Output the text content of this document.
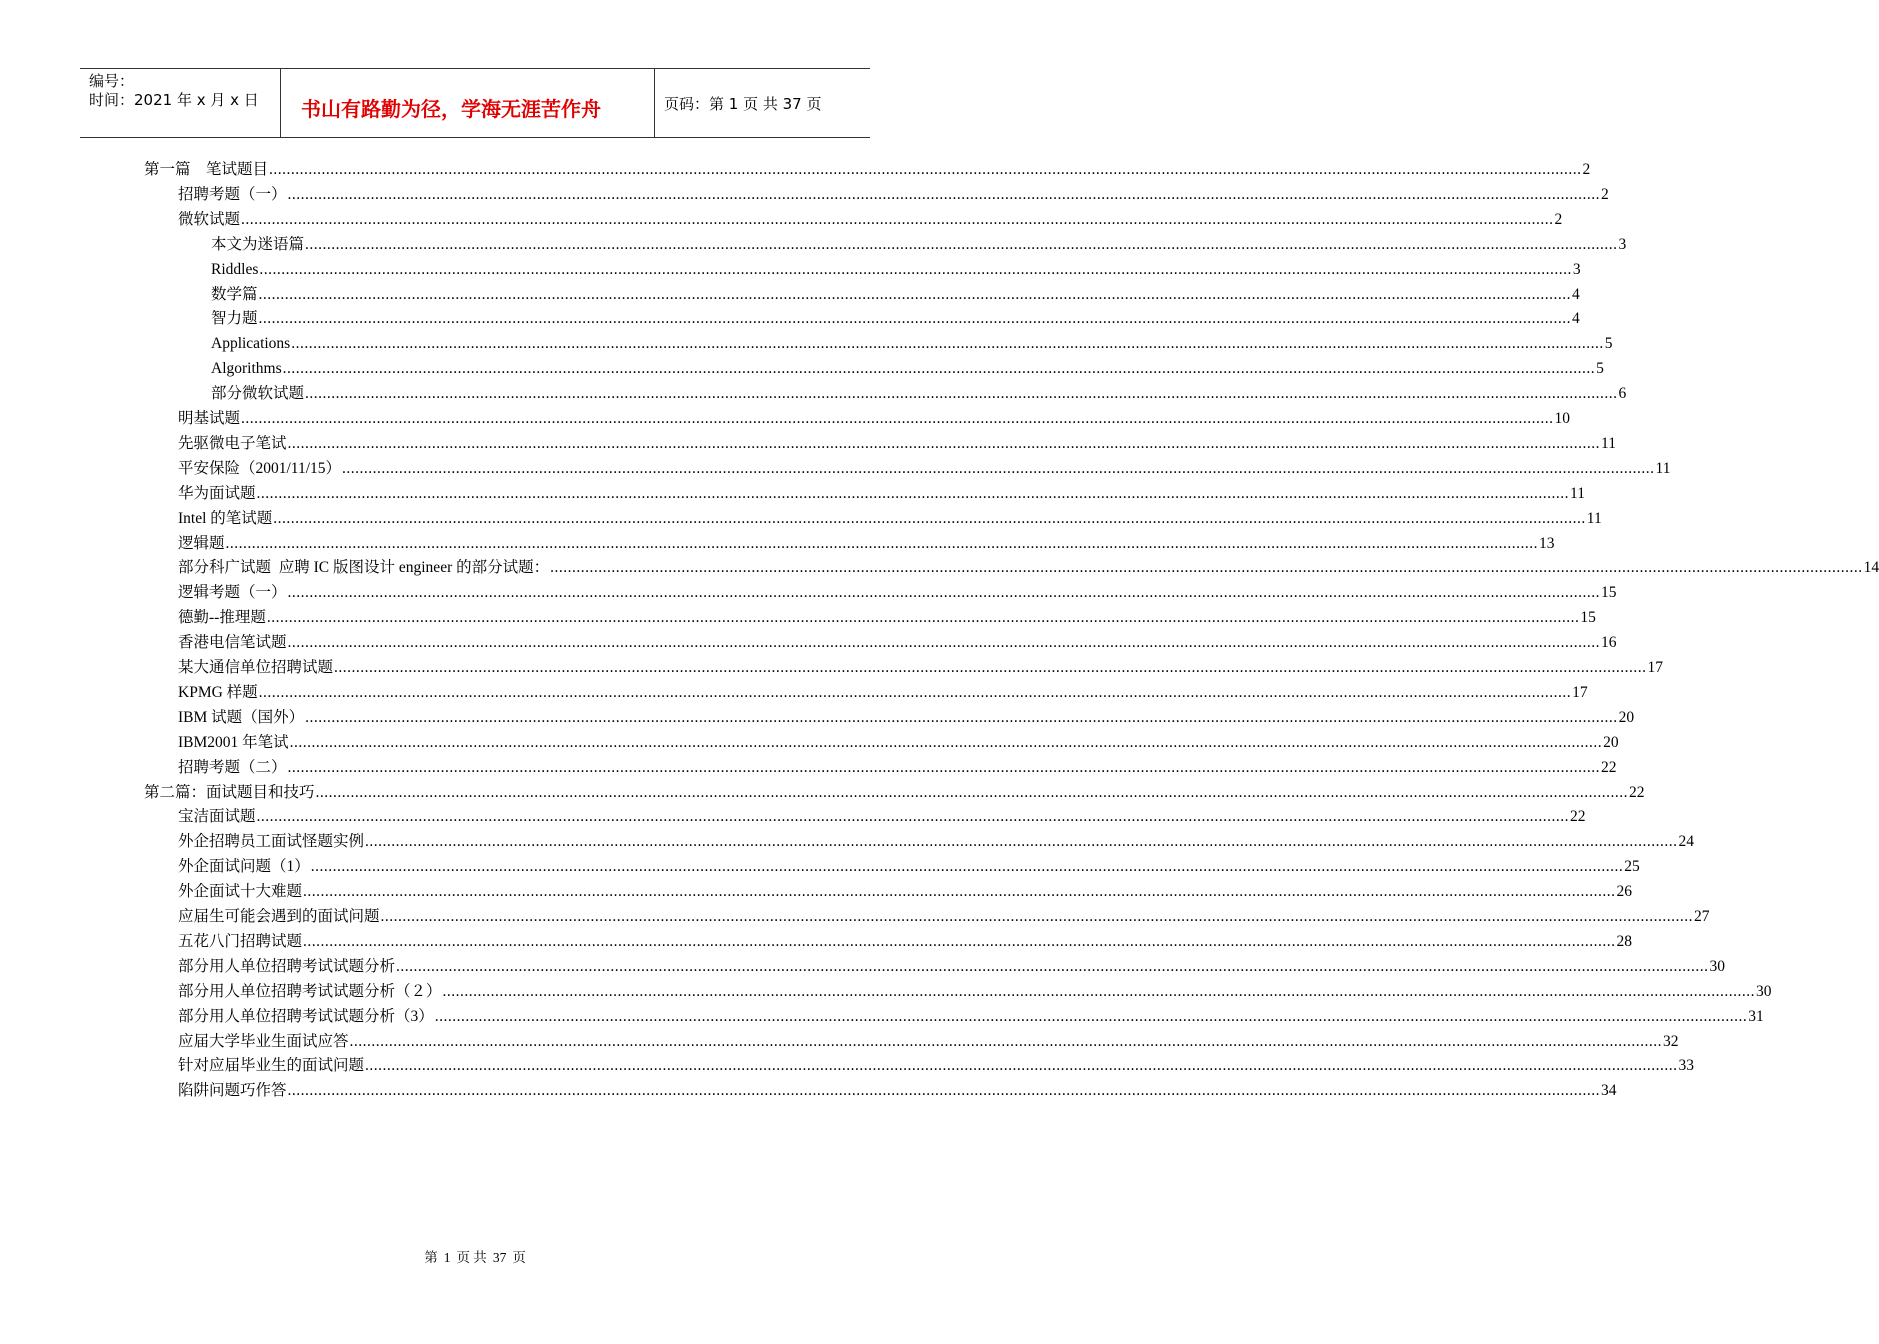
编号：
时间：2021 年 x 月 x 日 书山有路勤为径，学海无涯苦作舟	页码：第 1 页 共 37 页
第一篇    笔试题目 ............................................................................................................................................................................................................................................................................................................ 2
招聘考题（一） ............................................................................................................................................................................................................................................................................................................ 2
微软试题 ............................................................................................................................................................................................................................................................................................................ 2
本文为迷语篇 ............................................................................................................................................................................................................................................................................................................ 3
Riddles ............................................................................................................................................................................................................................................................................................................ 3
数学篇 ............................................................................................................................................................................................................................................................................................................ 4
智力题 ............................................................................................................................................................................................................................................................................................................ 4
Applications ............................................................................................................................................................................................................................................................................................................ 5
Algorithms ............................................................................................................................................................................................................................................................................................................ 5
部分微软试题 ............................................................................................................................................................................................................................................................................................................ 6
明基试题 ............................................................................................................................................................................................................................................................................................................ 10
先驱微电子笔试 ............................................................................................................................................................................................................................................................................................................ 11
平安保险（2001/11/15） ............................................................................................................................................................................................................................................................................................................ 11
华为面试题 ............................................................................................................................................................................................................................................................................................................ 11
Intel 的笔试题 ............................................................................................................................................................................................................................................................................................................ 11
逻辑题 ............................................................................................................................................................................................................................................................................................................ 13
部分科广试题  应聘 IC 版图设计 engineer 的部分试题： ............................................................................................................................................................................................................................................................................................................ 14
逻辑考题（一） ............................................................................................................................................................................................................................................................................................................ 15
德勤--推理题 ............................................................................................................................................................................................................................................................................................................ 15
香港电信笔试题 ............................................................................................................................................................................................................................................................................................................ 16
某大通信单位招聘试题 ............................................................................................................................................................................................................................................................................................................ 17
KPMG 样题 ............................................................................................................................................................................................................................................................................................................ 17
IBM 试题（国外） ............................................................................................................................................................................................................................................................................................................ 20
IBM2001 年笔试 ............................................................................................................................................................................................................................................................................................................ 20
招聘考题（二） ............................................................................................................................................................................................................................................................................................................ 22
第二篇：面试题目和技巧 ............................................................................................................................................................................................................................................................................................................ 22
宝洁面试题 ............................................................................................................................................................................................................................................................................................................ 22
外企招聘员工面试怪题实例 ............................................................................................................................................................................................................................................................................................................ 24
外企面试问题（1） ............................................................................................................................................................................................................................................................................................................ 25
外企面试十大难题 ............................................................................................................................................................................................................................................................................................................ 26
应届生可能会遇到的面试问题 ............................................................................................................................................................................................................................................................................................................ 27
五花八门招聘试题 ............................................................................................................................................................................................................................................................................................................ 28
部分用人单位招聘考试试题分析 ............................................................................................................................................................................................................................................................................................................ 30
部分用人单位招聘考试试题分析（２） ............................................................................................................................................................................................................................................................................................................ 30
部分用人单位招聘考试试题分析（3） ............................................................................................................................................................................................................................................................................................................ 31
应届大学毕业生面试应答 ............................................................................................................................................................................................................................................................................................................ 32
针对应届毕业生的面试问题 ............................................................................................................................................................................................................................................................................................................ 33
陷阱问题巧作答 ............................................................................................................................................................................................................................................................................................................ 34
第 1 页 共 37 页
